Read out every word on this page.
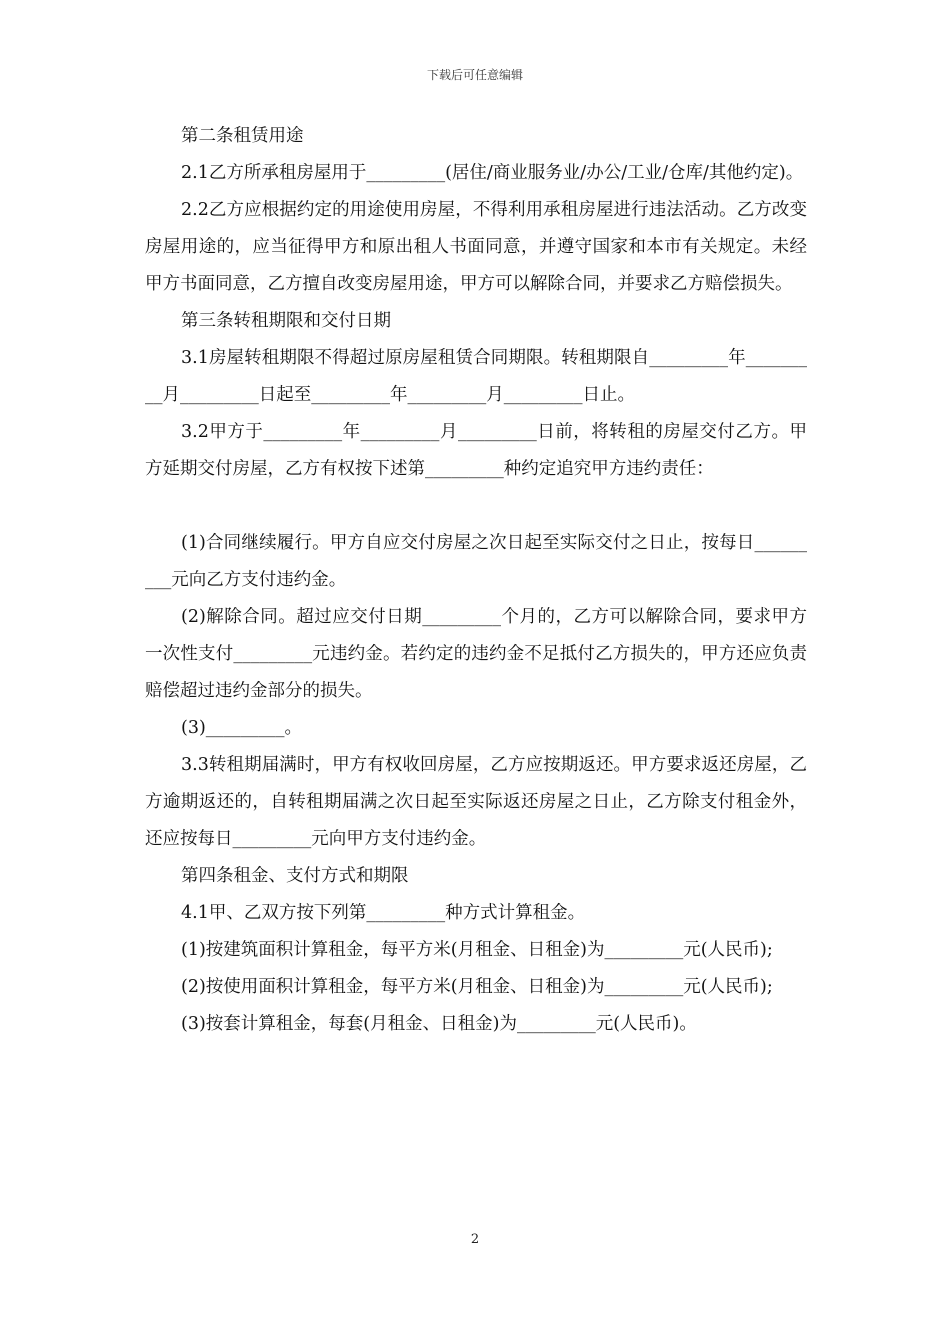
下载后可任意编辑

第二条租赁用途

2.1乙方所承租房屋用于_________(居住/商业服务业/办公/工业/仓库/其他约定)。

2.2乙方应根据约定的用途使用房屋，不得利用承租房屋进行违法活动。乙方改变房屋用途的，应当征得甲方和原出租人书面同意，并遵守国家和本市有关规定。未经甲方书面同意，乙方擅自改变房屋用途，甲方可以解除合同，并要求乙方赔偿损失。

第三条转租期限和交付日期

3.1房屋转租期限不得超过原房屋租赁合同期限。转租期限自_________年_________月_________日起至_________年_________月_________日止。

3.2甲方于_________年_________月_________日前，将转租的房屋交付乙方。甲方延期交付房屋，乙方有权按下述第_________种约定追究甲方违约责任：

(1)合同继续履行。甲方自应交付房屋之次日起至实际交付之日止，按每日_________元向乙方支付违约金。

(2)解除合同。超过应交付日期_________个月的，乙方可以解除合同，要求甲方一次性支付_________元违约金。若约定的违约金不足抵付乙方损失的，甲方还应负责赔偿超过违约金部分的损失。

(3)_________。

3.3转租期届满时，甲方有权收回房屋，乙方应按期返还。甲方要求返还房屋，乙方逾期返还的，自转租期届满之次日起至实际返还房屋之日止，乙方除支付租金外，还应按每日_________元向甲方支付违约金。

第四条租金、支付方式和期限

4.1甲、乙双方按下列第_________种方式计算租金。

(1)按建筑面积计算租金，每平方米(月租金、日租金)为_________元(人民币);

(2)按使用面积计算租金，每平方米(月租金、日租金)为_________元(人民币);

(3)按套计算租金，每套(月租金、日租金)为_________元(人民币)。

2
